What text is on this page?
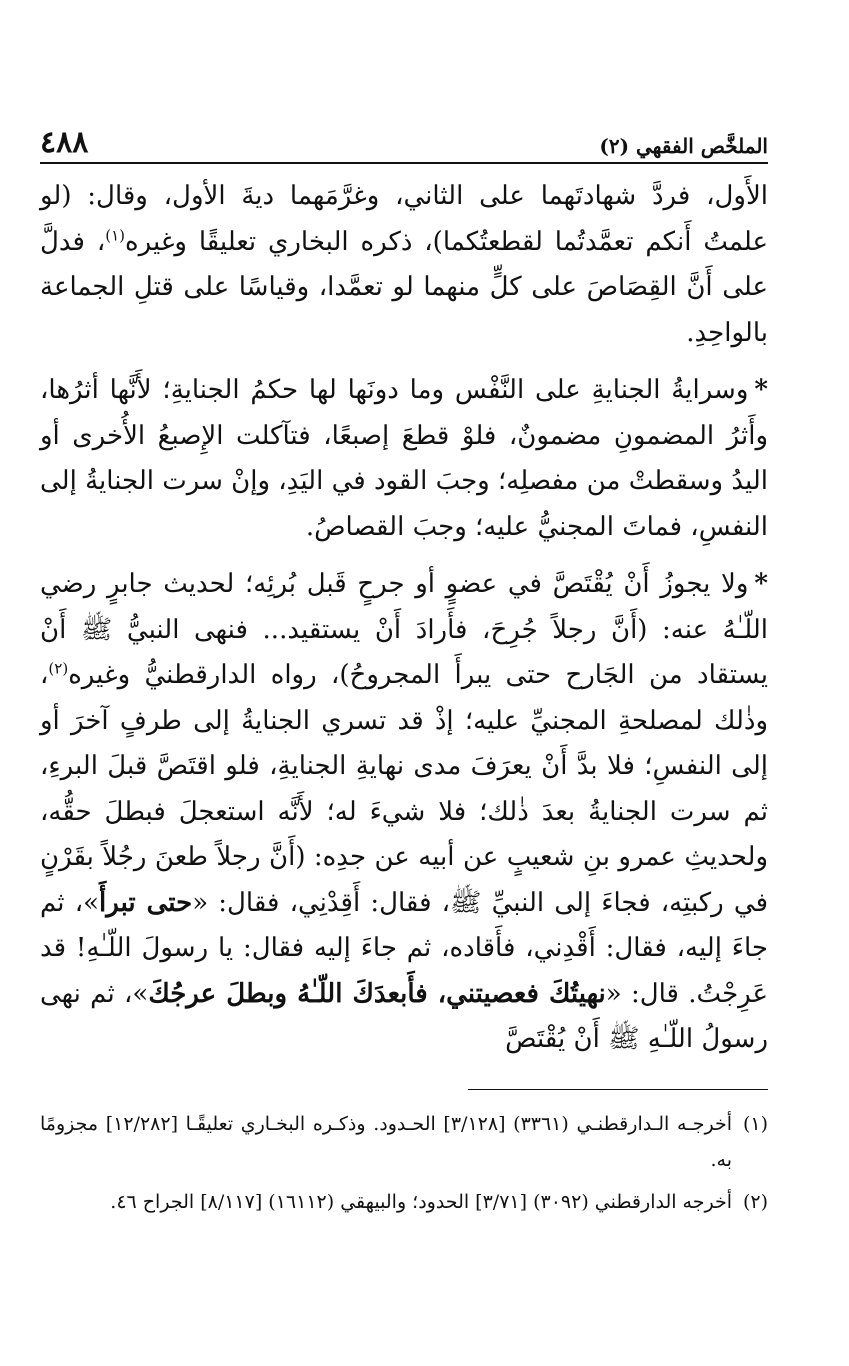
الملخَّص الفقهي (٢)
٤٨٨

الأَول، فردَّ شهادتَهما على الثاني، وغرَّمَهما ديةَ الأول، وقال: (لو علمتُ أَنكم تعمَّدتُما لقطعتُكما)، ذكره البخاري تعليقًا وغيره$^{(١)}$، فدلَّ على أَنَّ القِصَاصَ على كلٍّ منهما لو تعمَّدا، وقياسًا على قتلِ الجماعة بالواحِدِ.

*وسرايةُ الجنايةِ على النَّفْس وما دونَها لها حكمُ الجنايةِ؛ لأَنَّها أثرُها، وأَثرُ المضمونِ مضمونٌ، فلوْ قطعَ إصبعًا، فتآكلت الإِصبعُ الأُخرى أو اليدُ وسقطتْ من مفصلِه؛ وجبَ القود في اليَدِ، وإنْ سرت الجنايةُ إلى النفسِ، فماتَ المجنيُّ عليه؛ وجبَ القصاصُ.

*ولا يجوزُ أَنْ يُقْتَصَّ في عضوٍ أو جرحٍ قَبل بُرئِه؛ لحديث جابرٍ رضي اللّـٰهُ عنه: (أَنَّ رجلاً جُرِحَ، فأَرادَ أَنْ يستقيد... فنهى النبيُّ ﷺ أَنْ يستقاد من الجَارح حتى يبرأَ المجروحُ)، رواه الدارقطنيُّ وغيره$^{(٢)}$، وذٰلك لمصلحةِ المجنيِّ عليه؛ إذْ قد تسري الجنايةُ إلى طرفٍ آخرَ أو إلى النفسِ؛ فلا بدَّ أَنْ يعرَفَ مدى نهايةِ الجنايةِ، فلو اقتَصَّ قبلَ البرءِ، ثم سرت الجنايةُ بعدَ ذٰلك؛ فلا شيءَ له؛ لأَنَّه استعجلَ فبطلَ حقُّه، ولحديثِ عمرو بنِ شعيبٍ عن أبيه عن جدِه: (أَنَّ رجلاً طعنَ رجُلاً بقَرْنٍ في ركبتِه، فجاءَ إلى النبيِّ ﷺ، فقال: أَقِدْنِي، فقال: «حتى تبرأَ»، ثم جاءَ إليه، فقال: أَقْدِني، فأَقاده، ثم جاءَ إليه فقال: يا رسولَ اللّـٰهِ! قد عَرِجْتُ. قال: «نهيتُكَ فعصيتني، فأَبعدَكَ اللّـٰهُ وبطلَ عرجُكَ»، ثم نهى رسولُ اللّـٰهِ ﷺ أَنْ يُقْتَصَّ

(١)
أخرجـه الـدارقطنـي (٣٣٦١) [٣/١٢٨] الحـدود. وذكـره البخـاري تعليقًـا [١٢/٢٨٢] مجزومًا به.
(٢)
أخرجه الدارقطني (٣٠٩٢) [٣/٧١] الحدود؛ والبيهقي (١٦١١٢) [٨/١١٧] الجراح ٤٦.
